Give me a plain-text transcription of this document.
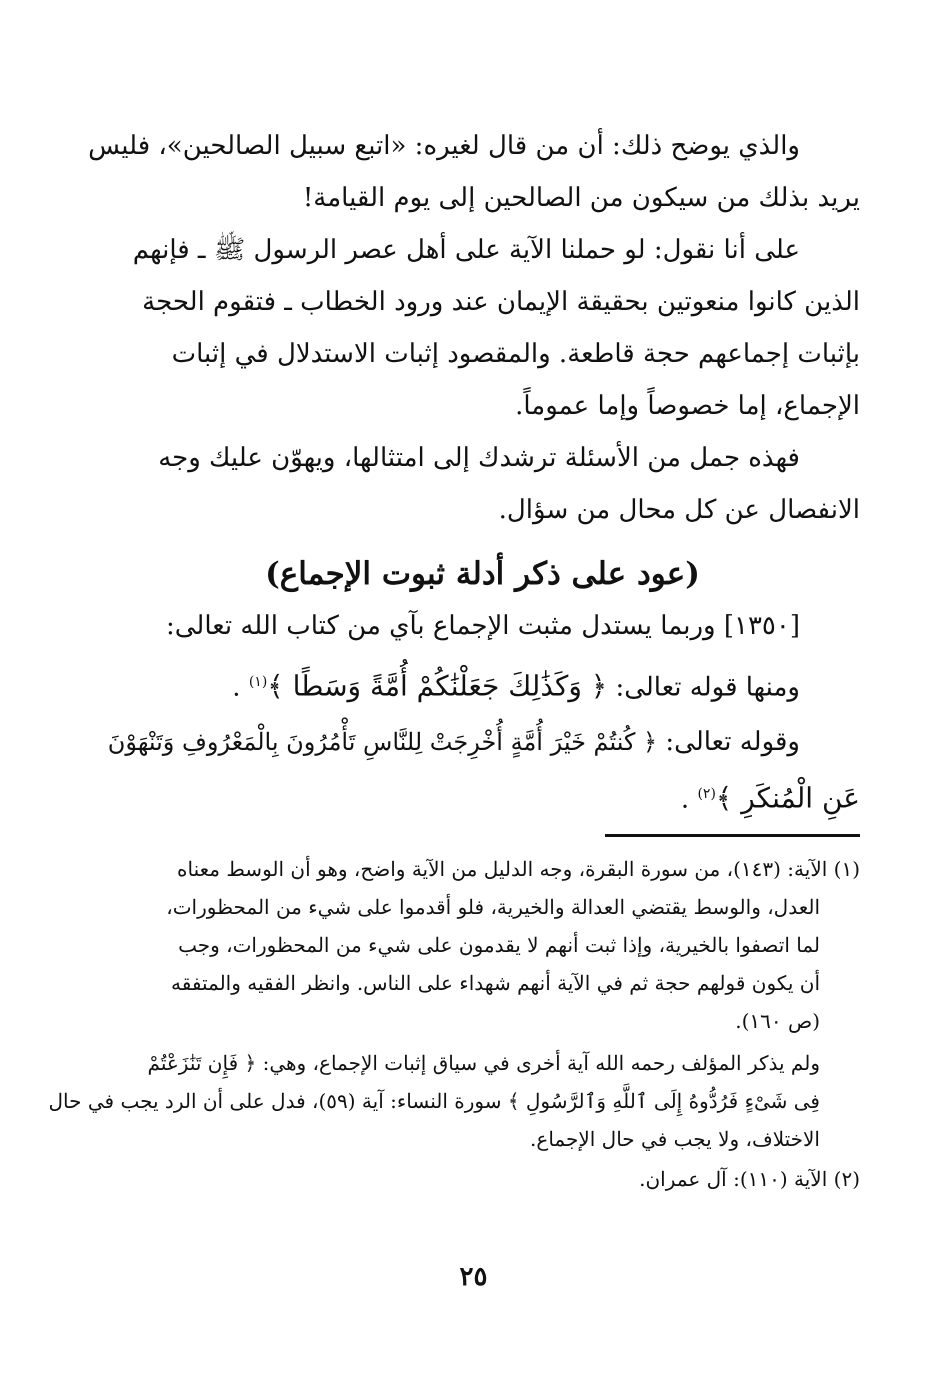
والذي يوضح ذلك: أن من قال لغيره: «اتبع سبيل الصالحين»، فليس
يريد بذلك من سيكون من الصالحين إلى يوم القيامة!
على أنا نقول: لو حملنا الآية على أهل عصر الرسول ﷺ ـ فإنهم
الذين كانوا منعوتين بحقيقة الإيمان عند ورود الخطاب ـ فتقوم الحجة
بإثبات إجماعهم حجة قاطعة. والمقصود إثبات الاستدلال في إثبات
الإجماع، إما خصوصاً وإما عموماً.
فهذه جمل من الأسئلة ترشدك إلى امتثالها، ويهوّن عليك وجه
الانفصال عن كل محال من سؤال.
(عود على ذكر أدلة ثبوت الإجماع)
[١٣٥٠] وربما يستدل مثبت الإجماع بآي من كتاب الله تعالى:
ومنها قوله تعالى: ﴿ وَكَذَٰلِكَ جَعَلْنَٰكُمْ أُمَّةً وَسَطًا ﴾$^{(١)}$ .
وقوله تعالى: ﴿ كُنتُمْ خَيْرَ أُمَّةٍ أُخْرِجَتْ لِلنَّاسِ تَأْمُرُونَ بِالْمَعْرُوفِ وَتَنْهَوْنَ
عَنِ الْمُنكَرِ ﴾$^{(٢)}$ .
(١) الآية: (١٤٣)، من سورة البقرة، وجه الدليل من الآية واضح، وهو أن الوسط معناه
العدل، والوسط يقتضي العدالة والخيرية، فلو أقدموا على شيء من المحظورات،
لما اتصفوا بالخيرية، وإذا ثبت أنهم لا يقدمون على شيء من المحظورات، وجب
أن يكون قولهم حجة ثم في الآية أنهم شهداء على الناس. وانظر الفقيه والمتفقه
(ص ١٦٠).
ولم يذكر المؤلف رحمه الله آية أخرى في سياق إثبات الإجماع، وهي: ﴿ فَإِن تَنَٰزَعْتُمْ
فِى شَىْءٍ فَرُدُّوهُ إِلَى ٱللَّهِ وَٱلرَّسُولِ ﴾ سورة النساء: آية (٥٩)، فدل على أن الرد يجب في حال
الاختلاف، ولا يجب في حال الإجماع.
(٢) الآية (١١٠): آل عمران.
٢٥
